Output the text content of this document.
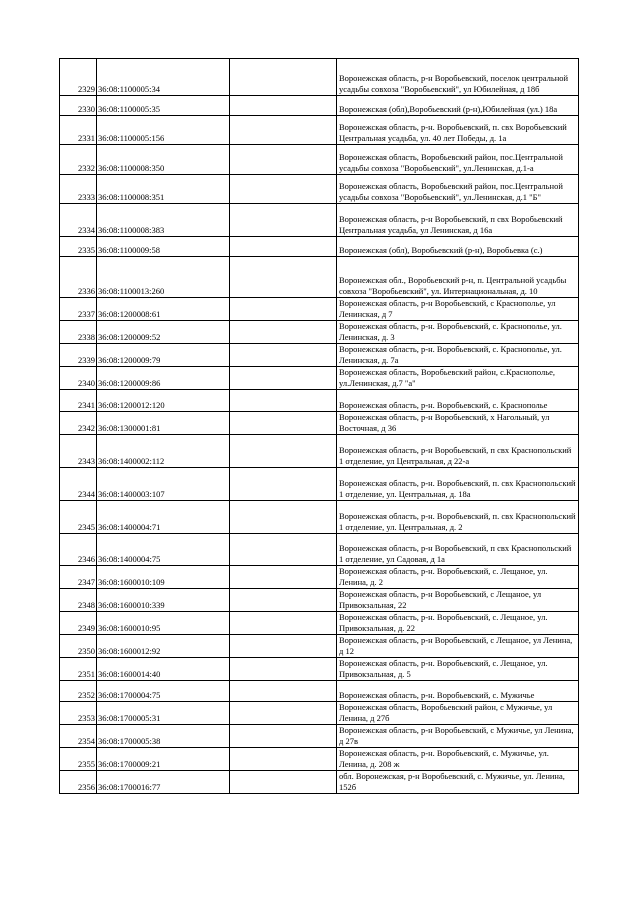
2329	36:08:1100005:34		Воронежская область, р-н Воробьевский, поселок центральной усадьбы совхоза "Воробьевский", ул Юбилейная, д 18б
2330	36:08:1100005:35		Воронежская (обл),Воробьевский (р-н),Юбилейная (ул.) 18а
2331	36:08:1100005:156		Воронежская область, р-н. Воробьевский, п. свх Воробьевский Центральная усадьба, ул. 40 лет Победы, д. 1а
2332	36:08:1100008:350		Воронежская область, Воробьевский район, пос.Центральной усадьбы совхоза "Воробьевский", ул.Ленинская, д.1-а
2333	36:08:1100008:351		Воронежская область, Воробьевский район, пос.Центральной усадьбы совхоза "Воробьевский", ул.Ленинская, д.1 "Б"
2334	36:08:1100008:383		Воронежская область, р-н Воробьевский, п свх Воробьевский Центральная усадьба, ул Ленинская, д 16а
2335	36:08:1100009:58		Воронежская (обл), Воробьевский (р-н), Воробьевка (с.)
2336	36:08:1100013:260		Воронежская обл., Воробьевский р-н, п. Центральной усадьбы совхоза "Воробьевский", ул. Интернациональная, д. 10
2337	36:08:1200008:61		Воронежская область, р-н Воробьевский, с Краснополье, ул Ленинская, д 7
2338	36:08:1200009:52		Воронежская область, р-н. Воробьевский, с. Краснополье, ул. Ленинская, д. 3
2339	36:08:1200009:79		Воронежская область, р-н. Воробьевский, с. Краснополье, ул. Ленинская, д. 7а
2340	36:08:1200009:86		Воронежская область, Воробьевский район, с.Краснополье, ул.Ленинская, д.7 "а"
2341	36:08:1200012:120		Воронежская область, р-н. Воробьевский, с. Краснополье
2342	36:08:1300001:81		Воронежская область, р-н Воробьевский, х Нагольный, ул Восточная, д 36
2343	36:08:1400002:112		Воронежская область, р-н Воробьевский, п свх Краснопольский 1 отделение, ул Центральная, д 22-а
2344	36:08:1400003:107		Воронежская область, р-н. Воробьевский, п. свх Краснопольский 1 отделение, ул. Центральная, д. 18а
2345	36:08:1400004:71		Воронежская область, р-н. Воробьевский, п. свх Краснопольский 1 отделение, ул. Центральная, д. 2
2346	36:08:1400004:75		Воронежская область, р-н Воробьевский, п свх Краснопольский 1 отделение, ул Садовая, д 1а
2347	36:08:1600010:109		Воронежская область, р-н. Воробьевский, с. Лещаное, ул. Ленина, д. 2
2348	36:08:1600010:339		Воронежская область, р-н Воробьевский, с Лещаное, ул Привокзальная, 22
2349	36:08:1600010:95		Воронежская область, р-н. Воробьевский, с. Лещаное, ул. Привокзальная, д. 22
2350	36:08:1600012:92		Воронежская область, р-н Воробьевский, с Лещаное, ул Ленина, д 12
2351	36:08:1600014:40		Воронежская область, р-н. Воробьевский, с. Лещаное, ул. Привокзальная, д. 5
2352	36:08:1700004:75		Воронежская область, р-н. Воробьевский, с. Мужичье
2353	36:08:1700005:31		Воронежская область, Воробьевский район, с Мужичье, ул Ленина, д 27б
2354	36:08:1700005:38		Воронежская область, р-н Воробьевский, с Мужичье, ул Ленина, д 27в
2355	36:08:1700009:21		Воронежская область, р-н. Воробьевский, с. Мужичье, ул. Ленина, д. 208 ж
2356	36:08:1700016:77		обл. Воронежская, р-н Воробьевский, с. Мужичье, ул. Ленина, 152б
